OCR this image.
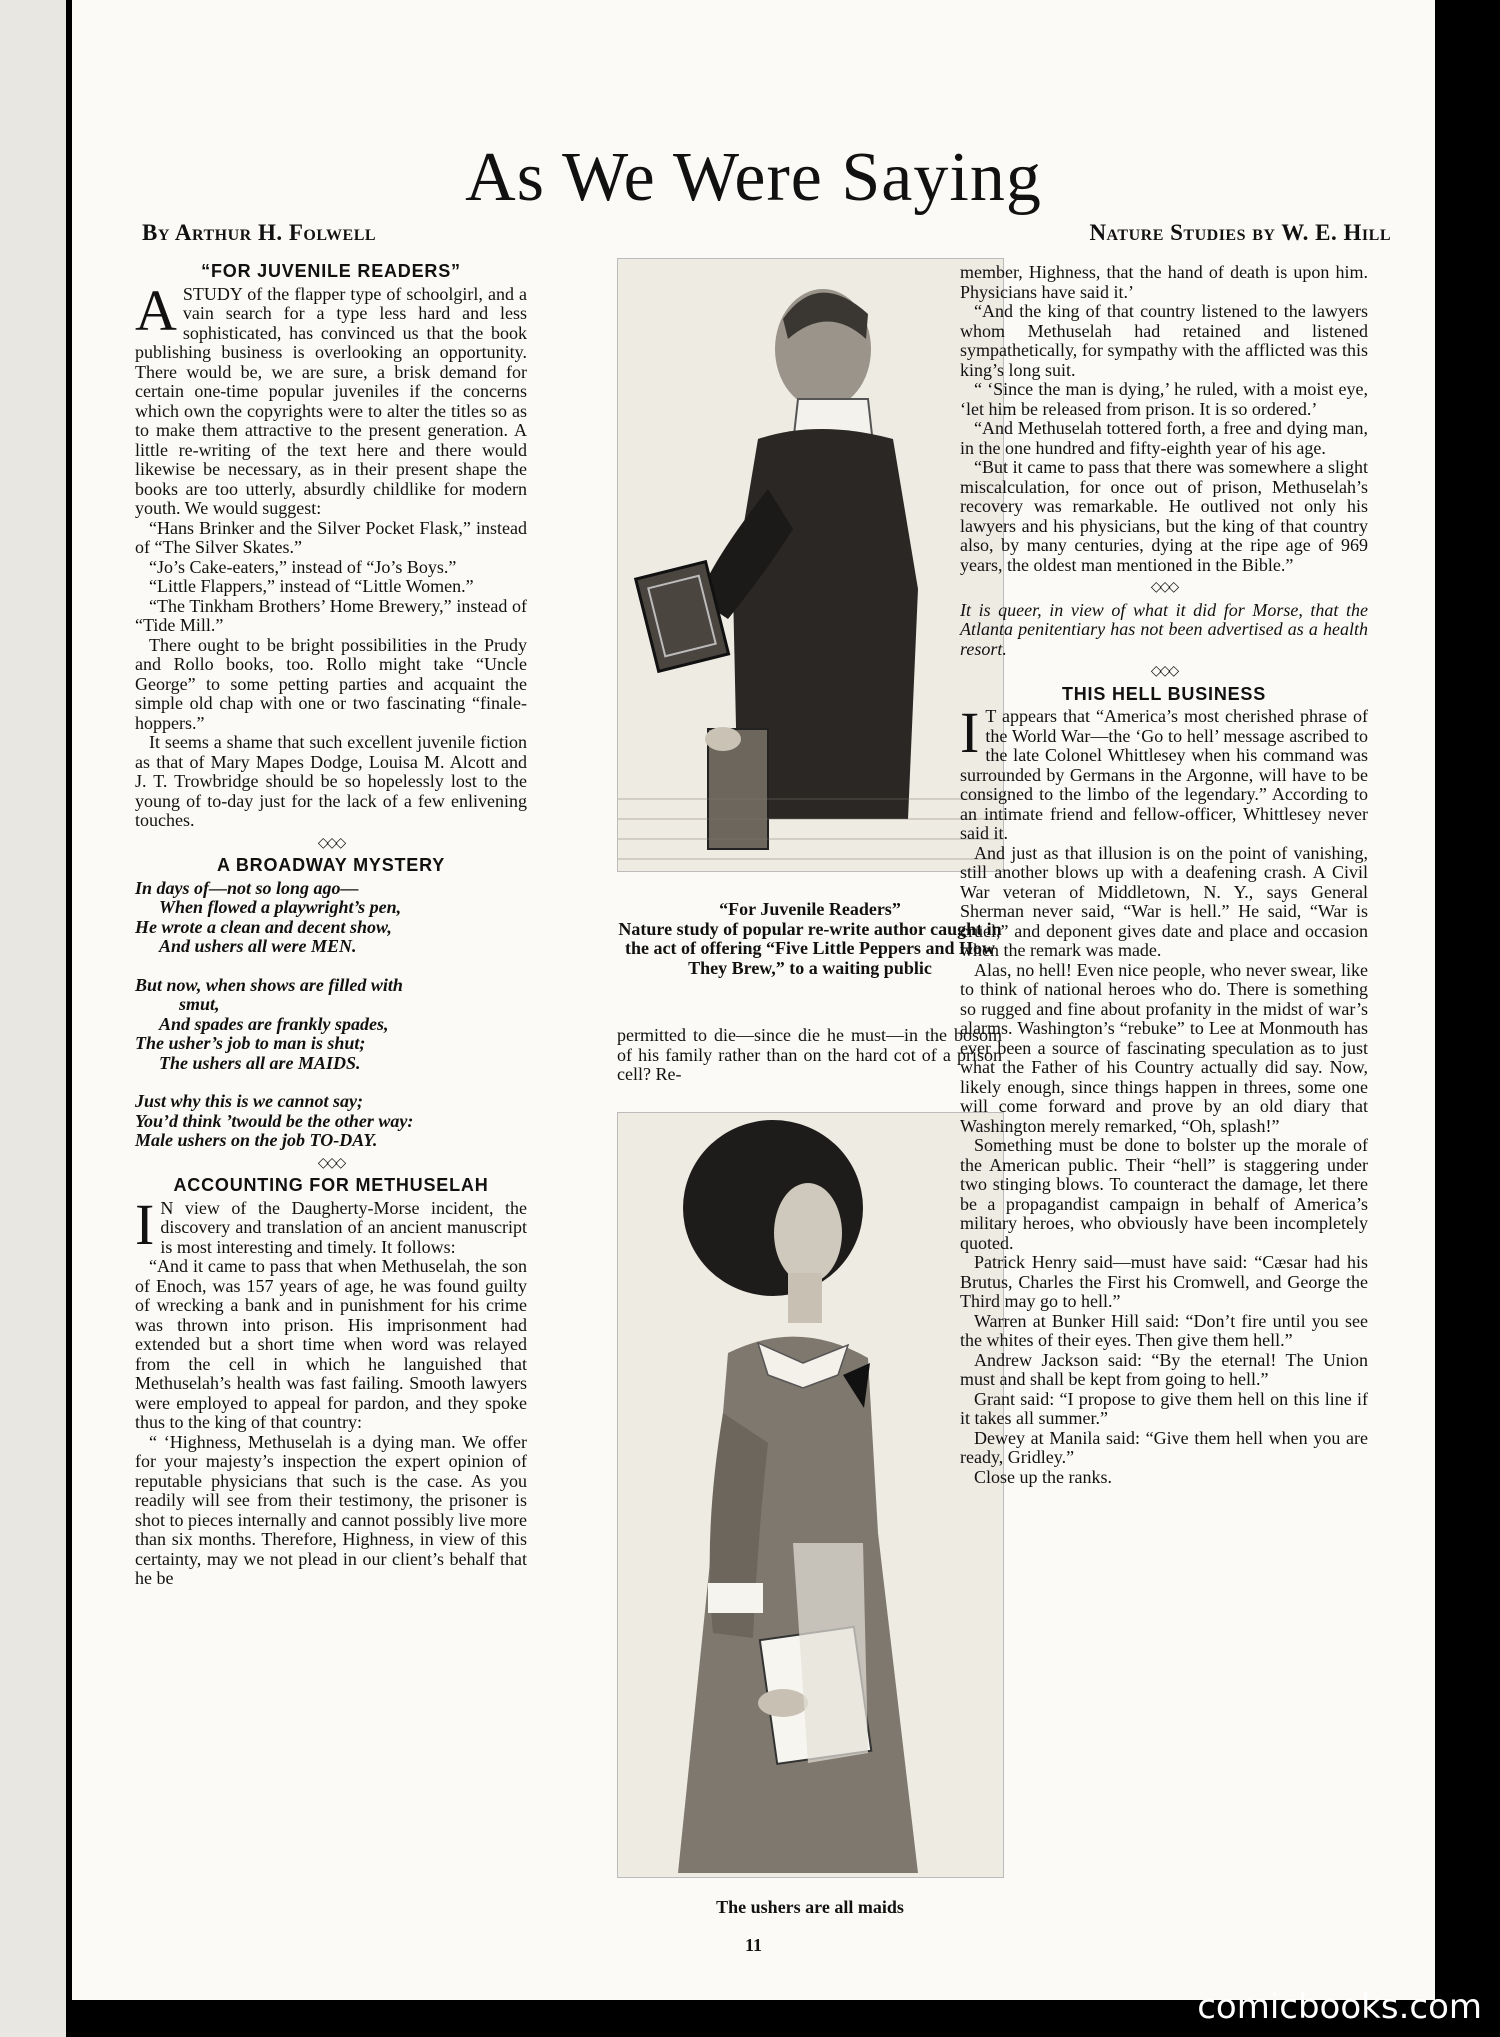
As We Were Saying
By Arthur H. Folwell	Nature Studies by W. E. Hill
“FOR JUVENILE READERS”

ASTUDY of the flapper type of schoolgirl, and a vain search for a type less hard and less sophisticated, has convinced us that the book publishing business is overlooking an opportunity. There would be, we are sure, a brisk demand for certain one-time popular juveniles if the concerns which own the copyrights were to alter the titles so as to make them attractive to the present generation. A little re-writing of the text here and there would likewise be necessary, as in their present shape the books are too utterly, absurdly childlike for modern youth. We would suggest:

“Hans Brinker and the Silver Pocket Flask,” instead of “The Silver Skates.”

“Jo’s Cake-eaters,” instead of “Jo’s Boys.”

“Little Flappers,” instead of “Little Women.”

“The Tinkham Brothers’ Home Brewery,” instead of “Tide Mill.”

There ought to be bright possibilities in the Prudy and Rollo books, too. Rollo might take “Uncle George” to some petting parties and acquaint the simple old chap with one or two fascinating “finale-hoppers.”

It seems a shame that such excellent juvenile fiction as that of Mary Mapes Dodge, Louisa M. Alcott and J. T. Trowbridge should be so hopelessly lost to the young of to-day just for the lack of a few enlivening touches.

◇◇◇
A BROADWAY MYSTERY

In days of—not so long ago—

When flowed a playwright’s pen,

He wrote a clean and decent show,

And ushers all were MEN.

But now, when shows are filled with

smut,

And spades are frankly spades,

The usher’s job to man is shut;

The ushers all are MAIDS.

Just why this is we cannot say;

You’d think ’twould be the other way:

Male ushers on the job TO-DAY.

◇◇◇
ACCOUNTING FOR METHUSELAH

I N view of the Daugherty-Morse incident, the discovery and translation of an ancient manuscript is most interesting and timely. It follows:

“And it came to pass that when Methuselah, the son of Enoch, was 157 years of age, he was found guilty of wrecking a bank and in punishment for his crime was thrown into prison. His imprisonment had extended but a short time when word was relayed from the cell in which he languished that Methuselah’s health was fast failing. Smooth lawyers were employed to appeal for pardon, and they spoke thus to the king of that country:

“ ‘Highness, Methuselah is a dying man. We offer for your majesty’s inspection the expert opinion of reputable physicians that such is the case. As you readily will see from their testimony, the prisoner is shot to pieces internally and cannot possibly live more than six months. Therefore, Highness, in view of this certainty, may we not plead in our client’s behalf that he be

“For Juvenile Readers”
Nature study of popular re-write author caught in the act of offering “Five Little Peppers and How They Brew,” to a waiting public
permitted to die—since die he must—in the bosom of his family rather than on the hard cot of a prison cell? Re-
The ushers are all maids

member, Highness, that the hand of death is upon him. Physicians have said it.’

“And the king of that country listened to the lawyers whom Methuselah had retained and listened sympathetically, for sympathy with the afflicted was this king’s long suit.

“ ‘Since the man is dying,’ he ruled, with a moist eye, ‘let him be released from prison. It is so ordered.’

“And Methuselah tottered forth, a free and dying man, in the one hundred and fifty-eighth year of his age.

“But it came to pass that there was somewhere a slight miscalculation, for once out of prison, Methuselah’s recovery was remarkable. He outlived not only his lawyers and his physicians, but the king of that country also, by many centuries, dying at the ripe age of 969 years, the oldest man mentioned in the Bible.”

◇◇◇

It is queer, in view of what it did for Morse, that the Atlanta penitentiary has not been advertised as a health resort.

◇◇◇
THIS HELL BUSINESS

I T appears that “America’s most cherished phrase of the World War—the ‘Go to hell’ message ascribed to the late Colonel Whittlesey when his command was surrounded by Germans in the Argonne, will have to be consigned to the limbo of the legendary.” According to an intimate friend and fellow-officer, Whittlesey never said it.

And just as that illusion is on the point of vanishing, still another blows up with a deafening crash. A Civil War veteran of Middletown, N. Y., says General Sherman never said, “War is hell.” He said, “War is cruel,” and deponent gives date and place and occasion when the remark was made.

Alas, no hell! Even nice people, who never swear, like to think of national heroes who do. There is something so rugged and fine about profanity in the midst of war’s alarms. Washington’s “rebuke” to Lee at Monmouth has ever been a source of fascinating speculation as to just what the Father of his Country actually did say. Now, likely enough, since things happen in threes, some one will come forward and prove by an old diary that Washington merely remarked, “Oh, splash!”

Something must be done to bolster up the morale of the American public. Their “hell” is staggering under two stinging blows. To counteract the damage, let there be a propagandist campaign in behalf of America’s military heroes, who obviously have been incompletely quoted.

Patrick Henry said—must have said: “Cæsar had his Brutus, Charles the First his Cromwell, and George the Third may go to hell.”

Warren at Bunker Hill said: “Don’t fire until you see the whites of their eyes. Then give them hell.”

Andrew Jackson said: “By the eternal! The Union must and shall be kept from going to hell.”

Grant said: “I propose to give them hell on this line if it takes all summer.”

Dewey at Manila said: “Give them hell when you are ready, Gridley.”

Close up the ranks.

11
comicbooks.com
